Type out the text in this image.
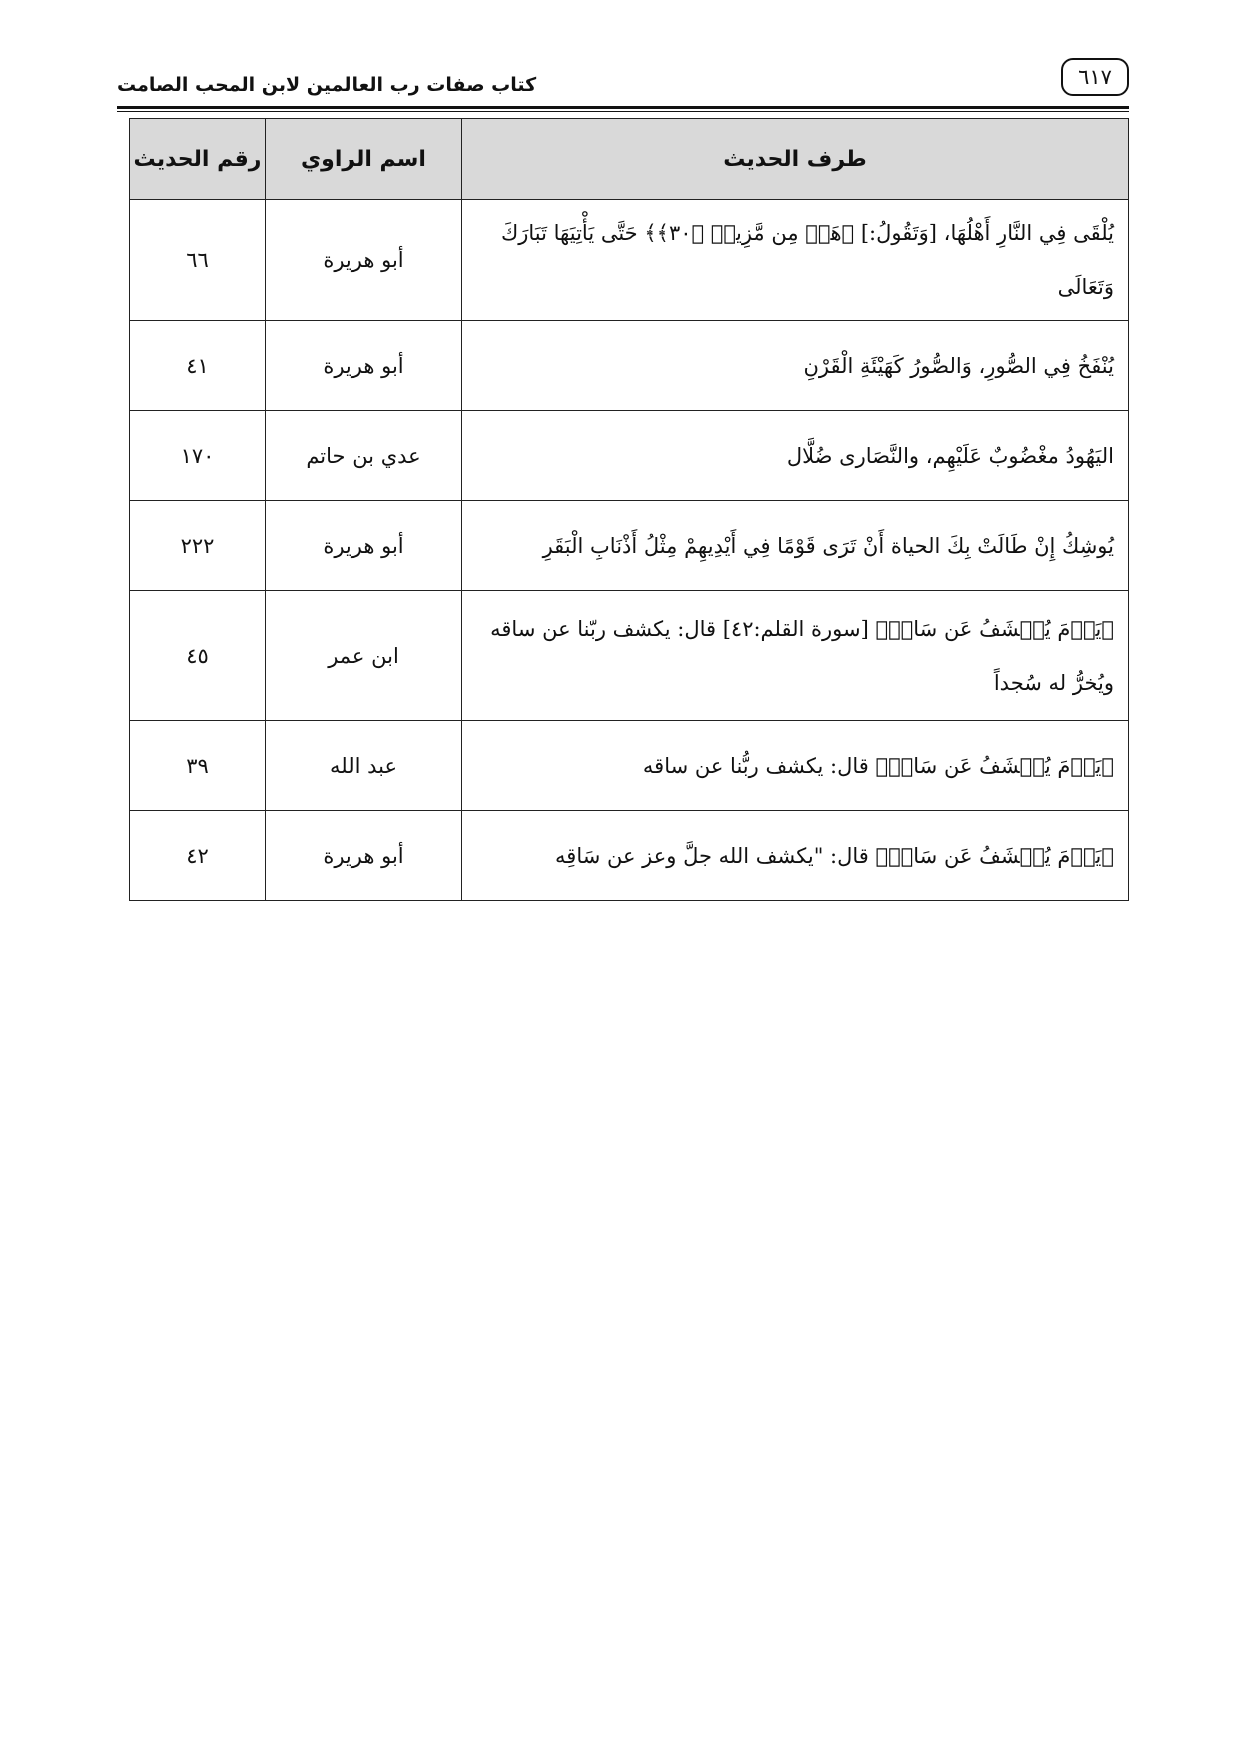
كتاب صفات رب العالمين لابن المحب الصامت	٦١٧
طرف الحديث	اسم الراوي	رقم الحديث
يُلْقَى فِي النَّارِ أَهْلُهَا، [وَتَقُولُ:] ﴿هَلۡ مِن مَّزِيدٖ ﴿٣٠﴾﴾ حَتَّى يَأْتِيَهَا تَبَارَكَ وَتَعَالَى	أبو هريرة	٦٦
يُنْفَخُ فِي الصُّورِ، وَالصُّورُ كَهَيْئَةِ الْقَرْنِ	أبو هريرة	٤١
اليَهُودُ مغْضُوبٌ عَلَيْهِم، والنَّصَارى ضُلَّال	عدي بن حاتم	١٧٠
يُوشِكُ إِنْ طَالَتْ بِكَ الحياة أَنْ تَرَى قَوْمًا فِي أَيْدِيهِمْ مِثْلُ أَذْنَابِ الْبَقَرِ	أبو هريرة	٢٢٢
﴿يَوۡمَ يُكۡشَفُ عَن سَاقٖ﴾ [سورة القلم:٤٢] قال: يكشف ربّنا عن ساقه ويُخرُّ له سُجداً	ابن عمر	٤٥
﴿يَوۡمَ يُكۡشَفُ عَن سَاقٖ﴾ قال: يكشف ربُّنا عن ساقه	عبد الله	٣٩
﴿يَوۡمَ يُكۡشَفُ عَن سَاقٖ﴾ قال: "يكشف الله جلَّ وعز عن سَاقِه	أبو هريرة	٤٢
